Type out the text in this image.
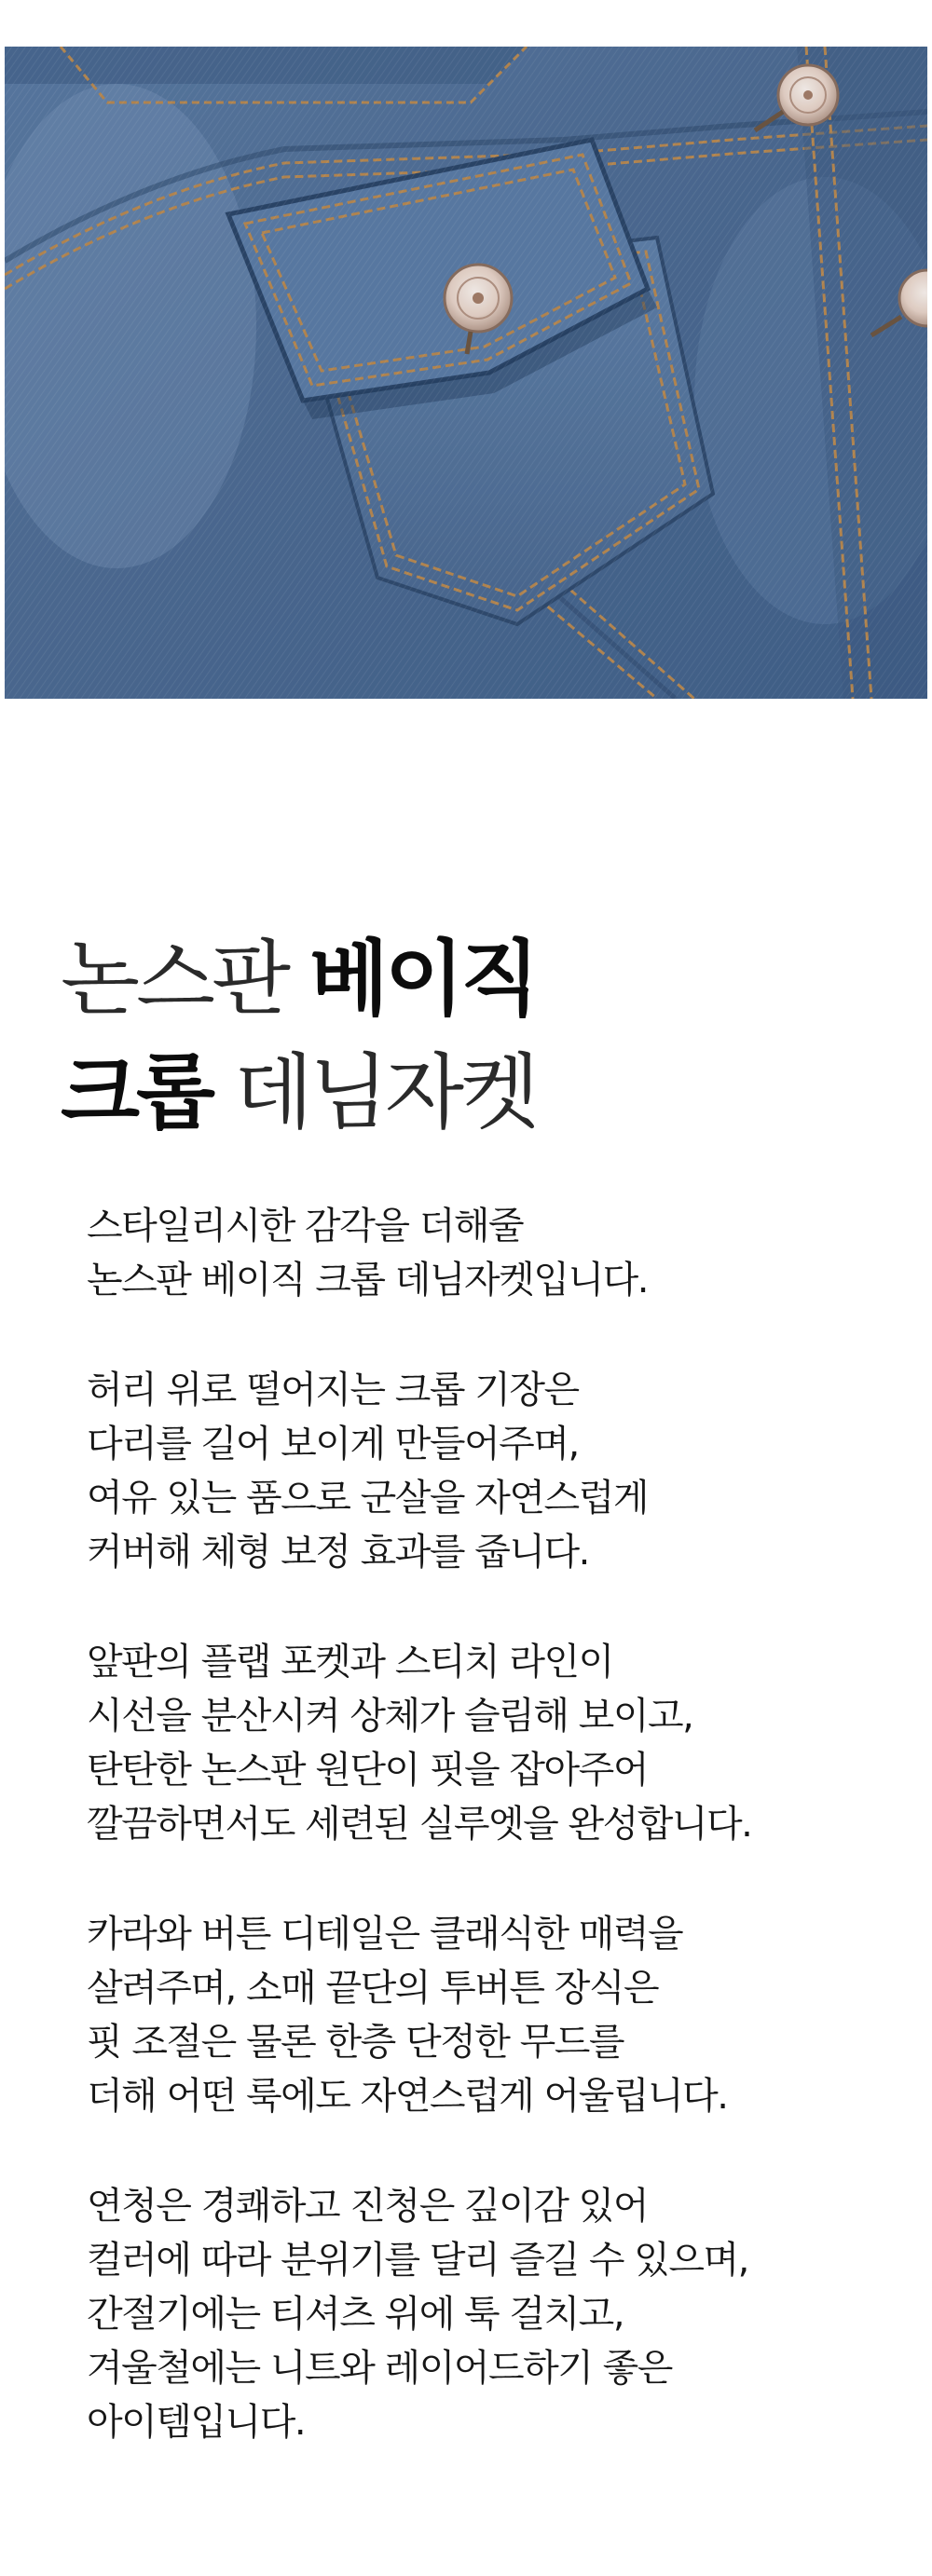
논스판 베이직
크롭 데님자켓

스타일리시한 감각을 더해줄
논스판 베이직 크롭 데님자켓입니다.

허리 위로 떨어지는 크롭 기장은
다리를 길어 보이게 만들어주며,
여유 있는 품으로 군살을 자연스럽게
커버해 체형 보정 효과를 줍니다.

앞판의 플랩 포켓과 스티치 라인이
시선을 분산시켜 상체가 슬림해 보이고,
탄탄한 논스판 원단이 핏을 잡아주어
깔끔하면서도 세련된 실루엣을 완성합니다.

카라와 버튼 디테일은 클래식한 매력을
살려주며, 소매 끝단의 투버튼 장식은
핏 조절은 물론 한층 단정한 무드를
더해 어떤 룩에도 자연스럽게 어울립니다.

연청은 경쾌하고 진청은 깊이감 있어
컬러에 따라 분위기를 달리 즐길 수 있으며,
간절기에는 티셔츠 위에 툭 걸치고,
겨울철에는 니트와 레이어드하기 좋은
아이템입니다.
